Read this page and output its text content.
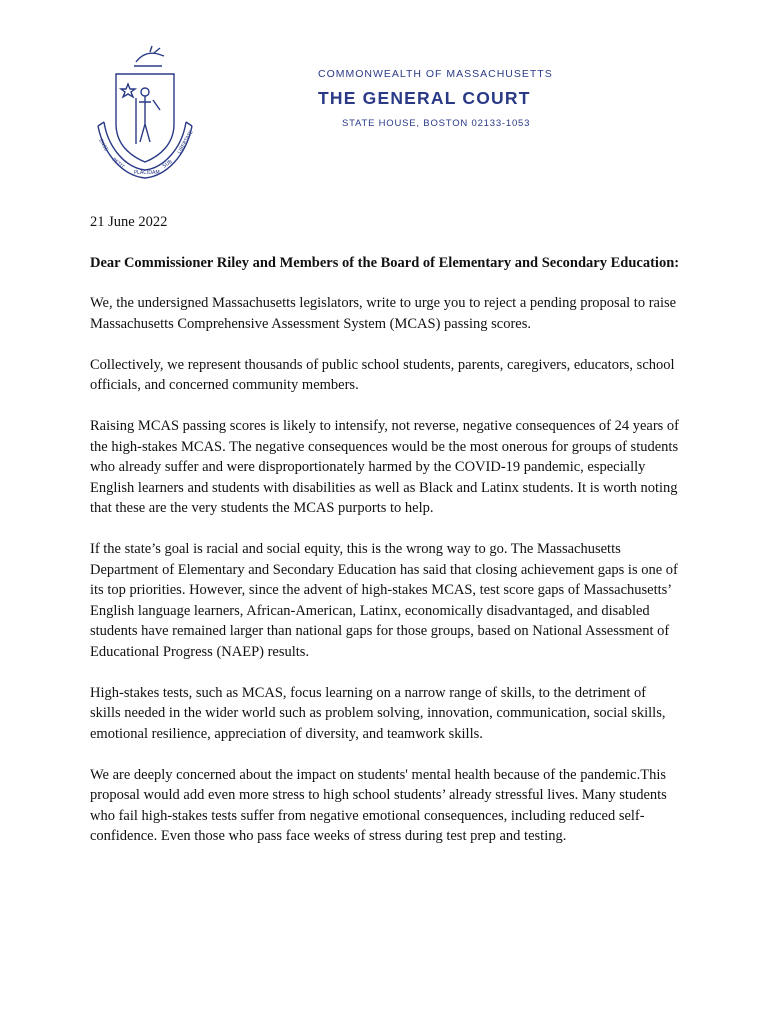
ENSE
PETIT
PLACIDAM
SUB
LIBERTATE
COMMONWEALTH OF MASSACHUSETTS
THE GENERAL COURT
STATE HOUSE, BOSTON 02133-1053
21 June 2022
Dear Commissioner Riley and Members of the Board of Elementary and Secondary Education:

We, the undersigned Massachusetts legislators, write to urge you to reject a pending proposal to raise Massachusetts Comprehensive Assessment System (MCAS) passing scores.

Collectively, we represent thousands of public school students, parents, caregivers, educators, school officials, and concerned community members.

Raising MCAS passing scores is likely to intensify, not reverse, negative consequences of 24 years of the high-stakes MCAS. The negative consequences would be the most onerous for groups of students who already suffer and were disproportionately harmed by the COVID-19 pandemic, especially English learners and students with disabilities as well as Black and Latinx students. It is worth noting that these are the very students the MCAS purports to help.

If the state’s goal is racial and social equity, this is the wrong way to go. The Massachusetts Department of Elementary and Secondary Education has said that closing achievement gaps is one of its top priorities. However, since the advent of high-stakes MCAS, test score gaps of Massachusetts’ English language learners, African-American, Latinx, economically disadvantaged, and disabled students have remained larger than national gaps for those groups, based on National Assessment of Educational Progress (NAEP) results.

High-stakes tests, such as MCAS, focus learning on a narrow range of skills, to the detriment of skills needed in the wider world such as problem solving, innovation, communication, social skills, emotional resilience, appreciation of diversity, and teamwork skills.

We are deeply concerned about the impact on students' mental health because of the pandemic.This proposal would add even more stress to high school students’ already stressful lives. Many students who fail high-stakes tests suffer from negative emotional consequences, including reduced self-confidence. Even those who pass face weeks of stress during test prep and testing.
